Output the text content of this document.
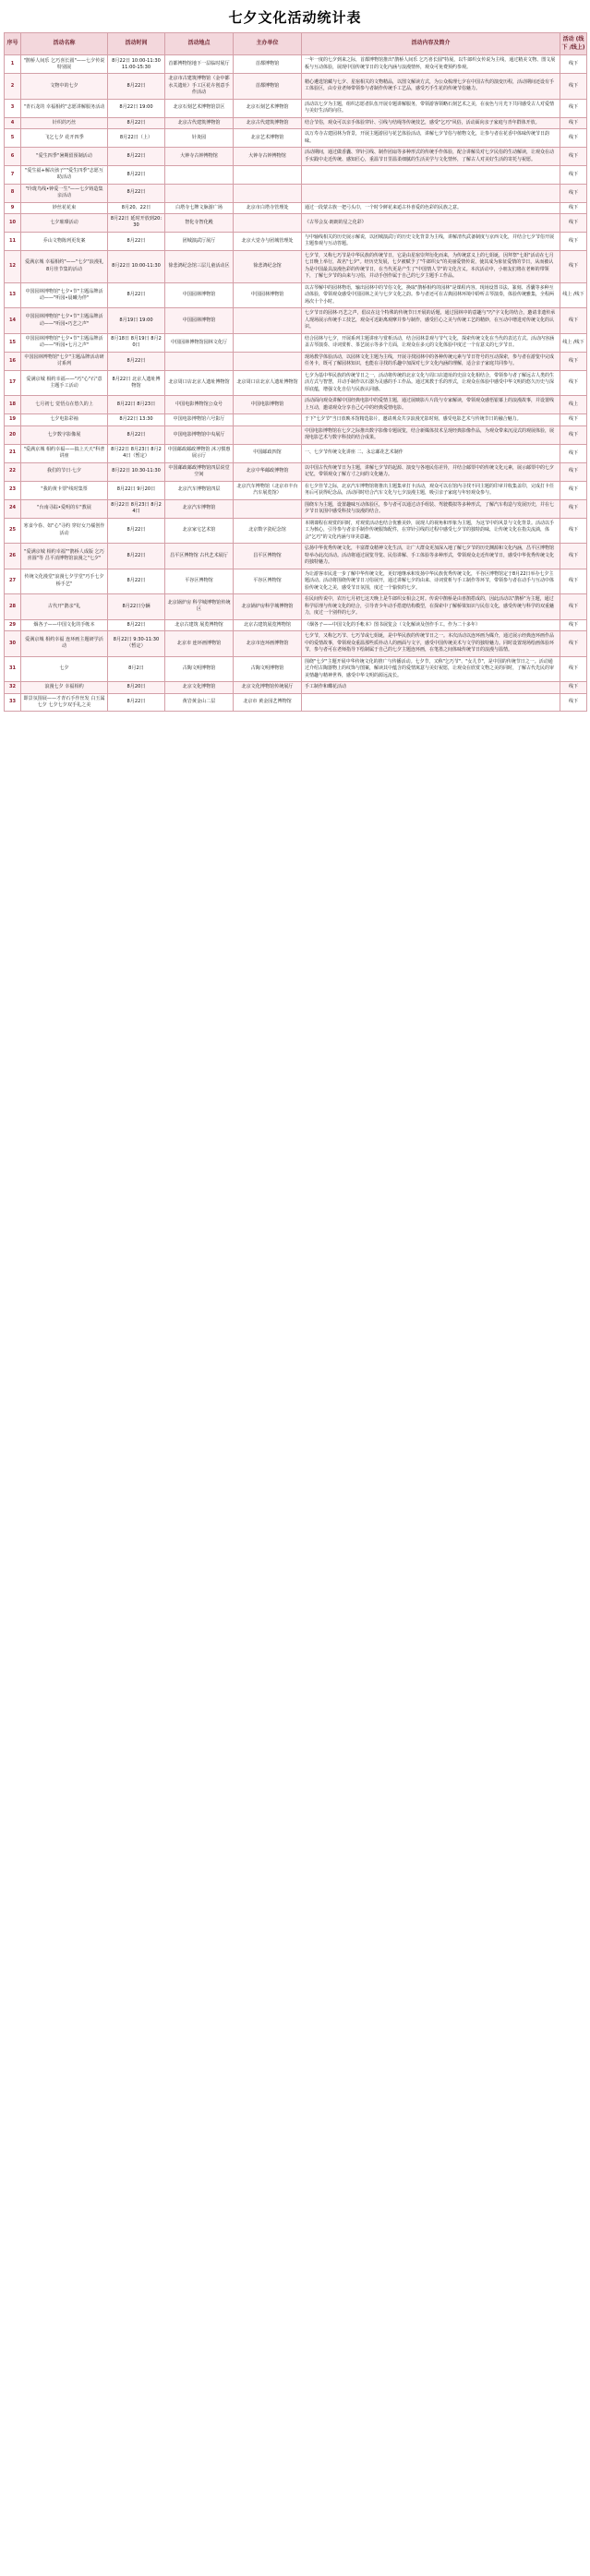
七夕文化活动统计表
序号	活动名称	活动时间	活动地点	主办单位	活动内容及简介	活动 (线下 /线上)
1	"鹊桥人间乐 乞巧喜长圆"——七夕传说特别展	8月22日 10:00-11:30 11:00-15:30	首都博物馆地下一层临时展厅	首都博物馆	一年一度的七夕到来之际，首都博物馆推出"鹊桥人间乐 乞巧喜长圆"特展，以牛郎织女传说为主线，通过精美文物、图文展板与互动体验，展现中国传统节日的文化内涵与浪漫情怀，观众可免费预约参观。	线下
2	文物中的七夕	8月22日	北京市古建筑博物馆（金中都水关遗址）手工区花卉创意手作活动	首都博物馆	精心遴选馆藏与七夕、星宿相关的文物精品，以图文解读方式，为公众梳理七夕在中国古代的演变历程，活动期间还设有手工体验区，由专业老师带领参与者制作传统手工艺品，感受巧手生花的传统节俗魅力。	线下
3	"青石龙的 幸福相约"志愿讲解服务活动	8月22日 19:00	北京石刻艺术博物馆景区	北京石刻艺术博物馆	活动以七夕为主题，组织志愿者队伍开展专题讲解服务，带领游客领略石刻艺术之美，在夜色与月光下共同感受古人对爱情与美好生活的向往。	线下
4	针织的巧丝	8月22日	北京古代建筑博物馆	北京古代建筑博物馆	结合节俗，观众可以亲手体验穿针、引线与结绳等传统技艺，感受"乞巧"风俗，活动面向亲子家庭与青年群体开放。	线下
5	飞乞七夕 花开四季	8月22日（上）	针灸园	北京艺术博物馆	以万寿寺古建园林为背景，开展主题游园与花艺体验活动，讲解七夕节俗与植物文化，让参与者在花香中体味传统节日韵味。	线下
6	"爱生四季"暑期留预制活动	8月22日	大钟寺古钟博物馆	大钟寺古钟博物馆	活动期间，通过做香囊、穿针引线、制作团扇等多种形式的传统手作体验，配合讲解员对七夕民俗的生动解读，让观众在动手实践中走近传统、感知匠心，重温节日里温柔细腻的生活美学与文化情怀，了解古人对美好生活的寄托与祝愿。	线下
7	"爱生福+解决孩子""爱生四季"志愿互助活动	8月22日				线下
8	"玲珑鸟线•钟爱一生"——七夕铸造集亲活动	8月22日				线下
9	妙丝花花束	8月20、22日	白塔寺七牌文脉游广场	北京市白塔寺管理处	通过一段蒙古族一把弓头巾，一个时令鲜花来逅古朴喜爱的色彩的民族之意。	线下
10	七夕璀璨活动	8月22日 延时开放到20:30	智化寺智化殿		《古琴会友·朗朗的星之化彩》	线下
11	乔山文物陈列更发案	8月22日	团城演武厅展厅	北京大觉寺与团城管理处	与中轴线相关的历史展示解说，以团城演武厅的历史文化背景为主线，讲解清代武备制度与京西文化，并结合七夕节俗开展主题参观与互动答题。	线下
12	爱满京城 幸福相约"——"七夕"浪漫礼 8月佳节集的活动	8月22日 10:00-11:30	徐悲鸿纪念馆三层儿童活动区	徐悲鸿纪念馆	七夕节，又称七巧节是中华民族的传统节日，它是由星宿崇拜衍化而来，为传统意义上的七姐诞，因拜祭"七姐"活动在七月七日晚上举行，故名"七夕"。经历史发展，七夕被赋予了"牛郎织女"的美丽爱情传说，使其成为象征爱情的节日，从而被认为是中国最具浪漫色彩的传统节日，在当代更是产生了"中国情人节"的文化含义。本次活动中，小朋友们将在老师的带领下，了解七夕节的由来与习俗，并动手创作属于自己的七夕主题手工作品。	线下
13	中国园林博物馆"七夕•节"主题品牌活动——"听园•晨曦为伴"	8月22日	中国园林博物馆	中国园林博物馆	以古琴解中的园林物语，输出园林中的节俗文化，换取"鹊桥相约的园林"是课程内容。现场设置书法、篆刻、香囊等多种互动体验，带领观众感受中国园林之美与七夕文化之韵。参与者还可在古典园林环境中聆听古琴演奏，体验传统雅集，全程两场次十个小时。	线上 /线下
14	中国园林博物馆"七夕•节"主题品牌活动——"听园•巧艺之声"	8月19日 19:00	中国园林博物馆		七夕节日的园林·巧艺之声，倡议在这个特殊的传统节日开展的话题，通过园林中的意趣与"巧"字文化的结合，邀请非遗传承人现场展示传统手工技艺，观众可近距离观摩并参与制作，感受匠心之美与传统工艺的精妙，在互动中增进对传统文化的认识。	线下
15	中国园林博物馆"七夕•节"主题品牌活动——"听园•七月之声"	8月18日 8月19日 8月20日	中国园林博物馆园林文化厅		结合园林与七夕，开展系列主题讲座与赏析活动，结合园林景观与节气文化，探索传统文化在当代的表达方式。活动内容涵盖古琴演奏、诗词赏析、茶艺展示等多个方面，让观众在多元的文化体验中度过一个有意义的七夕节日。	线上 /线下
16	中国园林博物馆"七夕"主题品牌活动研讨系列	8月22日			现场教学体验活动，以园林文化主题为主线，开展寻找园林中的各种传统元素与节日符号的互动探索，参与者在游览中完成任务卡，既可了解园林知识，也能在寻找的乐趣中加深对七夕文化内涵的理解，适合亲子家庭共同参与。	线下
17	爱满京城 相约幸福——"巧"心"石"意 主题手工活动	8月22日 北京人遗址博物馆	北京周口店北京人遗址博物馆	北京周口店北京人遗址博物馆	七夕为基中华民族的传统节日之一，活动将传统的北京文化与周口店遗址的史前文化相结合，带领参与者了解远古人类的生活方式与智慧，并动手制作以石器为灵感的手工作品。通过寓教于乐的形式，让观众在体验中感受中华文明的悠久历史与深厚底蕴，增强文化自信与民族认同感。	线下
18	七月初七 觉悟点在悠久的上	8月22日 8月23日	中国电影博物馆公众号	中国电影博物馆	活动面向观众讲解中国经典电影中的爱情主题，通过展映影片片段与专家解读，带领观众感悟银幕上的浪漫故事，并设置线上互动，邀请观众分享自己心中的经典爱情电影。	线上
19	七夕电影彩袖	8月22日 13:30	中国电影博物馆六号影厅		于下"七夕节"当日放映本馆精选影片，邀请观众共享浪漫光影时刻，感受电影艺术与传统节日的融合魅力。	线下
20	七夕数字影像展	8月22日	中国电影博物馆中央展厅		中国电影博物馆在七夕之际推出数字影像专题展览，结合新媒体技术呈现经典影像作品，为观众带来沉浸式的观展体验，展现电影艺术与数字科技的结合成果。	线下
21	"爱满京城 相约幸福——搞上天天"科普讲座	8月22日 8月23日 8月24日（暂定）	中国邮政邮政博物馆 沐习惯惠展示厅	中国邮政四馆	一、七夕节传统文化讲座 二、永忘邮花艺术制作	线下
22	我们的节日·七夕	8月22日 10:30-11:30	中国邮政邮政博物馆四层说堂空间	北京中华邮政博物馆	以中国古代传统节日为主题，讲解七夕节的起源、演变与各地民俗差异，并结合邮票中的传统文化元素，展示邮票中的七夕记忆，带领观众了解方寸之间的文化魅力。	线下
23	"我的黄卡票"线时集票	8月22日 9月20日	北京汽车博物馆四层	北京汽车博物馆（北京市丰台汽车展览馆）	在七夕佳节之际，北京汽车博物馆将推出主题集章打卡活动，观众可以在馆内寻找不同主题的印章并收集盖印，完成打卡任务后可获得纪念品，活动同时结合汽车文化与七夕浪漫主题，吸引亲子家庭与年轻观众参与。	线下
24	"台南寻踪•爱明的车"教展	8月22日 8月23日 8月24日	北京汽车博物馆		围绕车为主题，设置趣味互动体验区，参与者可以通过动手组装、驾驶模拟等多种形式，了解汽车构造与发展历史，并在七夕节日氛围中感受科技与浪漫的结合。	线下
25	寒食今春、如"心"寻约 穿好女乃襦创作活动	8月22日	北京家宅艺术馆	北京数字瓷纪念馆	本期课程在观赏的同时，对观赏活动也结合优雅美妙，展现人的视角和形象为主题，为这节中的风景与文化背景。活动以手工为核心，引导参与者亲手制作传统服饰配件，在穿针引线的过程中感受七夕节的独特韵味，让传统文化在指尖流淌，体会"乞巧"的文化内涵与审美意趣。	线下
26	"爱满京城 相约幸福""鹊桥人成版 乞巧喜圆"等 昌平消博物馆浪漫之"七夕"	8月22日	昌平区博物馆 古代艺术展厅	昌平区博物馆	弘扬中华优秀传统文化，丰富群众精神文化生活，让广大群众更加深入地了解七夕节的历史渊源和文化内涵，昌平区博物馆特举办此次活动。活动将通过展览导览、民俗讲解、手工体验等多种形式，带领观众走近传统节日，感受中华优秀传统文化的独特魅力。	线下
27	传统文化漫堂"浪漫七夕学堂"巧手七夕桥手艺"	8月22日	平谷区博物馆	平谷区博物馆	为让游客市民进一步了解中华传统文化，更好地继承和发扬中华民族优秀传统文化，平谷区博物馆定于8月22日举办七夕主题活动。活动将围绕传统节日习俗展开，通过讲解七夕的由来、诗词赏析与手工制作等环节，带领参与者在动手与互动中体验传统文化之美，感受节日氛围，度过一个愉快的七夕。	线下
28	古代开"鹊亲"礼	8月22日分辆	北京锅炉房 科学城博物馆传统区	北京锅炉房科学城博物馆	在民间传说中，农历七月初七这天晚上是牛郎织女相会之时。传说中鹊桥是由喜鹊搭成的，因此活动以"鹊桥"为主题，通过科学原理与传统文化的结合，引导青少年动手搭建结构模型，在探索中了解桥梁知识与民俗文化，感受传统与科学的双重魅力，度过一个别样的七夕。	线下
29	烟各子——中国文化的手帐本	8月22日	北京古建筑 展览博物馆	北京古建筑展览博物馆	《烟各子——中国文化的手帐本》图书展览会（文化解读及创作手工。作为二十多年）	线下
30	爱满京城 相约幸福 连环画主题研学活动	8月22日 9:30-11:30 （暂定）	北京市 连环画博物馆	北京市连环画博物馆	七夕节，又称乞巧节、七巧节或七姐诞，是中华民族的传统节日之一。本次活动以连环画为媒介，通过展示经典连环画作品中的爱情故事，带领观众重温那些质朴动人的画面与文字，感受中国传统美术与文学的独特魅力。同时设置现场绘画体验环节，参与者可在老师指导下绘制属于自己的七夕主题连环画，在笔墨之间体味传统节日的浪漫与温情。	线下
31	七夕	8月2日	古陶文明博物馆	古陶文明博物馆	围绕"七夕"主题开展中华传统文化的推广与传播活动。七夕节，又称"乞巧节"、"女儿节"，是中国的传统节日之一。活动通过介绍古陶器物上的纹饰与图案，解读其中蕴含的爱情寓意与美好祝愿，让观众在欣赏文物之美的同时，了解古代先民的审美情趣与精神世界，感受中华文明的源远流长。	线下
32	浪漫七夕 幸福相约	8月20日	北京文化博物馆	北京文化博物馆传统展厅	手工制作和蝶花活动	线下
33	即景氛围展——才青石手作丝发 白玉属七夕 七夕七夕双手礼之美	8月22日	黄岩黄金山二层	北京市 黄金园艺博物馆		线下
